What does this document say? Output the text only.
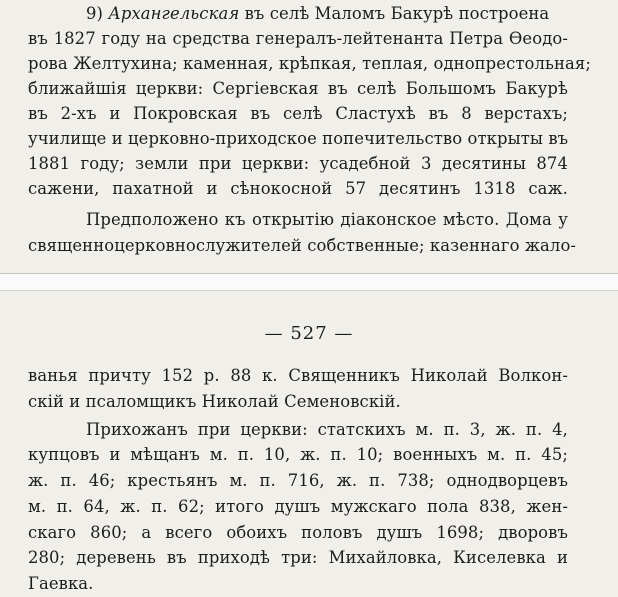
9) Архангельская въ селѣ Маломъ Бакурѣ построена
въ 1827 году на средства генералъ-лейтенанта Петра Өеодо-
рова Желтухина; каменная, крѣпкая, теплая, однопрестольная;
ближайшія церкви: Сергіевская въ селѣ Большомъ Бакурѣ
въ 2-хъ и Покровская въ селѣ Сластухѣ въ 8 верстахъ;
училище и церковно-приходское попечительство открыты въ
1881 году; земли при церкви: усадебной 3 десятины 874
сажени, пахатной и сѣнокосной 57 десятинъ 1318 саж.
Предположено къ открытію діаконское мѣсто. Дома у
священноцерковнослужителей собственные; казеннаго жало-
— 527 —
ванья причту 152 р. 88 к. Священникъ Николай Волкон-
скій и псаломщикъ Николай Семеновскій.
Прихожанъ при церкви: статскихъ м. п. 3, ж. п. 4,
купцовъ и мѣщанъ м. п. 10, ж. п. 10; военныхъ м. п. 45;
ж. п. 46; крестьянъ м. п. 716, ж. п. 738; однодворцевъ
м. п. 64, ж. п. 62; итого душъ мужскаго пола 838, жен-
скаго 860; а всего обоихъ половъ душъ 1698; дворовъ
280; деревень въ приходѣ три: Михайловка, Киселевка и
Гаевка.
